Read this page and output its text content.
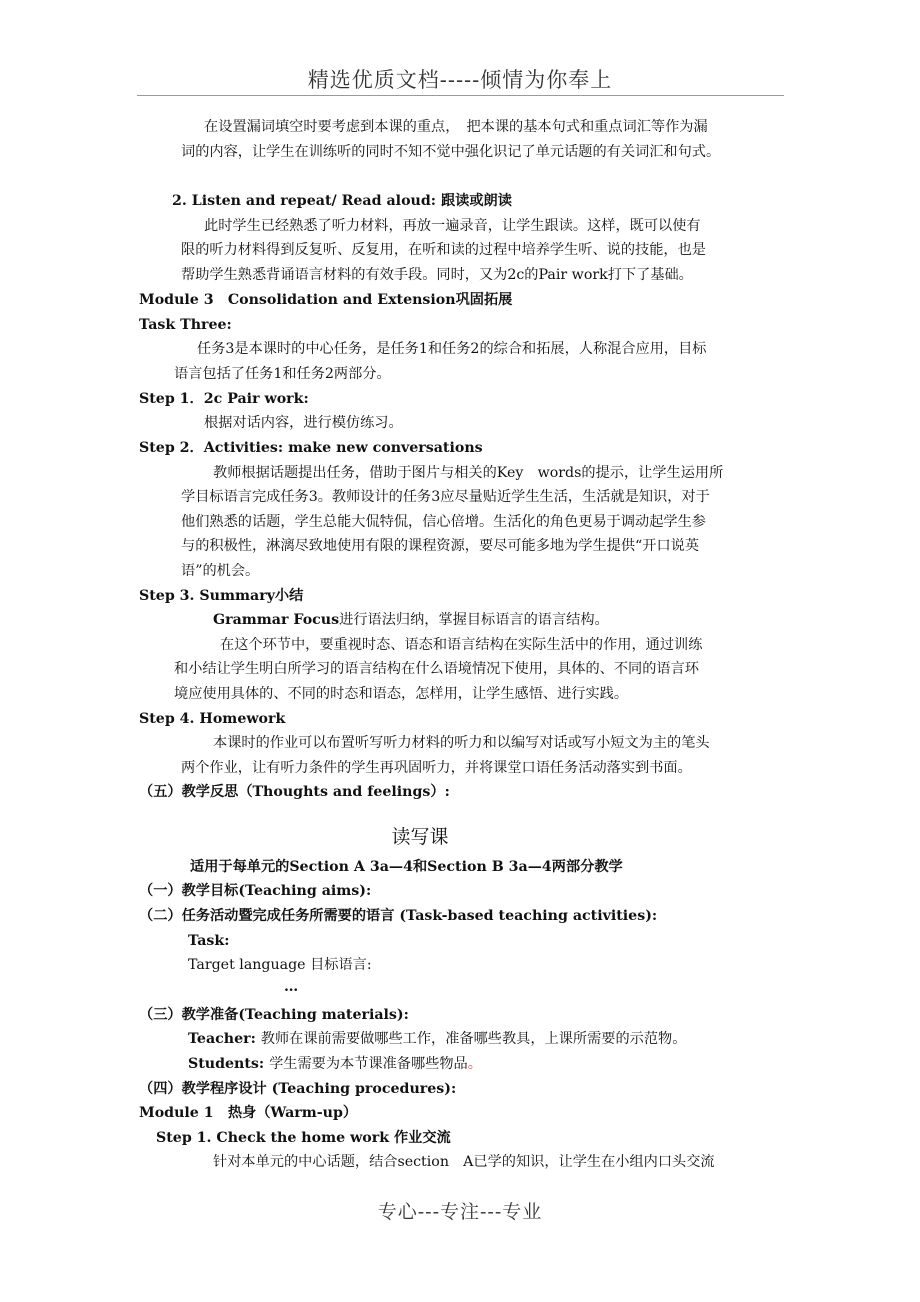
精选优质文档-----倾情为你奉上
在设置漏词填空时要考虑到本课的重点，　把本课的基本句式和重点词汇等作为漏
词的内容，让学生在训练听的同时不知不觉中强化识记了单元话题的有关词汇和句式。
2. Listen and repeat/ Read aloud: 跟读或朗读
此时学生已经熟悉了听力材料，再放一遍录音，让学生跟读。这样，既可以使有
限的听力材料得到反复听、反复用，在听和读的过程中培养学生听、说的技能，也是
帮助学生熟悉背诵语言材料的有效手段。同时，又为2c的Pair work打下了基础。
Module 3　Consolidation and Extension巩固拓展
Task Three:
任务3是本课时的中心任务，是任务1和任务2的综合和拓展，人称混合应用，目标
语言包括了任务1和任务2两部分。
Step 1．2c Pair work:
根据对话内容，进行模仿练习。
Step 2．Activities: make new conversations
教师根据话题提出任务，借助于图片与相关的Key　words的提示，让学生运用所
学目标语言完成任务3。教师设计的任务3应尽量贴近学生生活，生活就是知识，对于
他们熟悉的话题，学生总能大侃特侃，信心倍增。生活化的角色更易于调动起学生参
与的积极性，淋漓尽致地使用有限的课程资源，要尽可能多地为学生提供“开口说英
语”的机会。
Step 3. Summary小结
Grammar Focus进行语法归纳，掌握目标语言的语言结构。
在这个环节中，要重视时态、语态和语言结构在实际生活中的作用，通过训练
和小结让学生明白所学习的语言结构在什么语境情况下使用，具体的、不同的语言环
境应使用具体的、不同的时态和语态，怎样用，让学生感悟、进行实践。
Step 4. Homework
本课时的作业可以布置听写听力材料的听力和以编写对话或写小短文为主的笔头
两个作业，让有听力条件的学生再巩固听力，并将课堂口语任务活动落实到书面。
（五）教学反思（Thoughts and feelings）:
读写课
适用于每单元的Section A 3a—4和Section B 3a—4两部分教学
（一）教学目标(Teaching aims):
（二）任务活动暨完成任务所需要的语言 (Task-based teaching activities):
Task:
Target language 目标语言:
…
（三）教学准备(Teaching materials):
Teacher: 教师在课前需要做哪些工作，准备哪些教具，上课所需要的示范物。
Students: 学生需要为本节课准备哪些物品。
（四）教学程序设计 (Teaching procedures):
Module 1　热身（Warm-up）
Step 1. Check the home work 作业交流
针对本单元的中心话题，结合section　A已学的知识，让学生在小组内口头交流
专心---专注---专业
